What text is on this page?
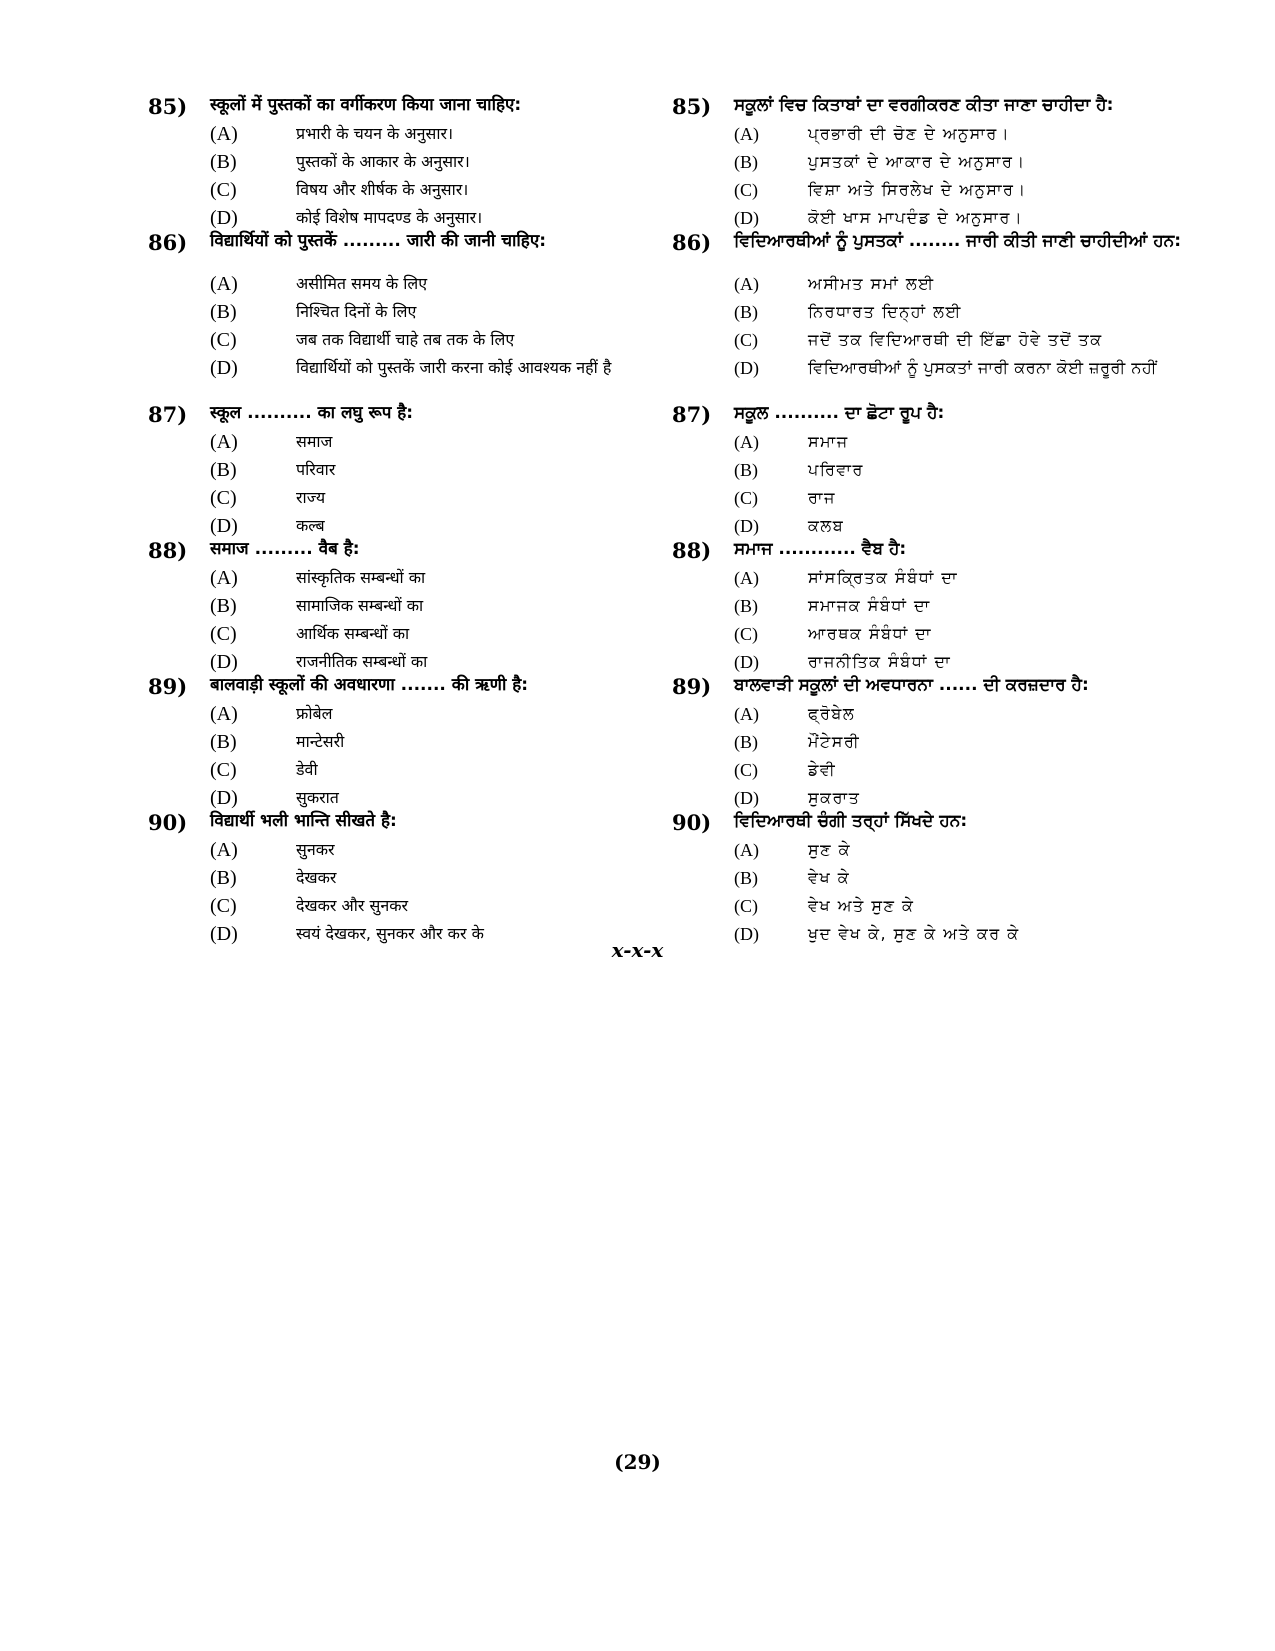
85)	स्कूलों में पुस्तकों का वर्गीकरण किया जाना चाहिए:
(A)	प्रभारी के चयन के अनुसार।
(B)	पुस्तकों के आकार के अनुसार।
(C)	विषय और शीर्षक के अनुसार।
(D)	कोई विशेष मापदण्ड के अनुसार।
86)	विद्यार्थियों को पुस्तकें ......... जारी की जानी चाहिए:
(A)	असीमित समय के लिए
(B)	निश्चित दिनों के लिए
(C)	जब तक विद्यार्थी चाहे तब तक के लिए
(D)	विद्यार्थियों को पुस्तकें जारी करना कोई आवश्यक नहीं है
87)	स्कूल .......... का लघु रूप है:
(A)	समाज
(B)	परिवार
(C)	राज्य
(D)	कल्ब
88)	समाज ......... वैब है:
(A)	सांस्कृतिक सम्बन्धों का
(B)	सामाजिक सम्बन्धों का
(C)	आर्थिक सम्बन्धों का
(D)	राजनीतिक सम्बन्धों का
89)	बालवाड़ी स्कूलों की अवधारणा ....... की ऋणी है:
(A)	फ्रोबेल
(B)	मान्टेसरी
(C)	डेवी
(D)	सुकरात
90)	विद्यार्थी भली भान्ति सीखते है:
(A)	सुनकर
(B)	देखकर
(C)	देखकर और सुनकर
(D)	स्वयं देखकर, सुनकर और कर के
85)	ਸਕੂਲਾਂ ਵਿਚ ਕਿਤਾਬਾਂ ਦਾ ਵਰਗੀਕਰਣ ਕੀਤਾ ਜਾਣਾ ਚਾਹੀਦਾ ਹੈ:
(A)	ਪ੍ਰਭਾਰੀ ਦੀ ਚੋਣ ਦੇ ਅਨੁਸਾਰ।
(B)	ਪੁਸਤਕਾਂ ਦੇ ਆਕਾਰ ਦੇ ਅਨੁਸਾਰ।
(C)	ਵਿਸ਼ਾ ਅਤੇ ਸਿਰਲੇਖ ਦੇ ਅਨੁਸਾਰ।
(D)	ਕੋਈ ਖਾਸ ਮਾਪਦੰਡ ਦੇ ਅਨੁਸਾਰ।
86)	ਵਿਦਿਆਰਥੀਆਂ ਨੂੰ ਪੁਸਤਕਾਂ ........ ਜਾਰੀ ਕੀਤੀ ਜਾਣੀ ਚਾਹੀਦੀਆਂ ਹਨ:
(A)	ਅਸੀਮਤ ਸਮਾਂ ਲਈ
(B)	ਨਿਰਧਾਰਤ ਦਿਨ੍ਹਾਂ ਲਈ
(C)	ਜਦੋਂ ਤਕ ਵਿਦਿਆਰਥੀ ਦੀ ਇੱਛਾ ਹੋਵੇ ਤਦੋਂ ਤਕ
(D)	ਵਿਦਿਆਰਥੀਆਂ ਨੂੰ ਪੁਸਕਤਾਂ ਜਾਰੀ ਕਰਨਾ ਕੋਈ ਜ਼ਰੂਰੀ ਨਹੀਂ
87)	ਸਕੂਲ .......... ਦਾ ਛੋਟਾ ਰੂਪ ਹੈ:
(A)	ਸਮਾਜ
(B)	ਪਰਿਵਾਰ
(C)	ਰਾਜ
(D)	ਕਲਬ
88)	ਸਮਾਜ ............ ਵੈਬ ਹੈ:
(A)	ਸਾਂਸਕ੍ਰਿਤਕ ਸੰਬੰਧਾਂ ਦਾ
(B)	ਸਮਾਜਕ ਸੰਬੰਧਾਂ ਦਾ
(C)	ਆਰਥਕ ਸੰਬੰਧਾਂ ਦਾ
(D)	ਰਾਜਨੀਤਿਕ ਸੰਬੰਧਾਂ ਦਾ
89)	ਬਾਲਵਾੜੀ ਸਕੂਲਾਂ ਦੀ ਅਵਧਾਰਨਾ ...... ਦੀ ਕਰਜ਼ਦਾਰ ਹੈ:
(A)	ਫ੍ਰੋਬੇਲ
(B)	ਮੌਂਟੇਸਰੀ
(C)	ਡੇਵੀ
(D)	ਸੁਕਰਾਤ
90)	ਵਿਦਿਆਰਥੀ ਚੰਗੀ ਤਰ੍ਹਾਂ ਸਿੱਖਦੇ ਹਨ:
(A)	ਸੁਣ ਕੇ
(B)	ਵੇਖ ਕੇ
(C)	ਵੇਖ ਅਤੇ ਸੁਣ ਕੇ
(D)	ਖੁਦ ਵੇਖ ਕੇ, ਸੁਣ ਕੇ ਅਤੇ ਕਰ ਕੇ
x-x-x
(29)
